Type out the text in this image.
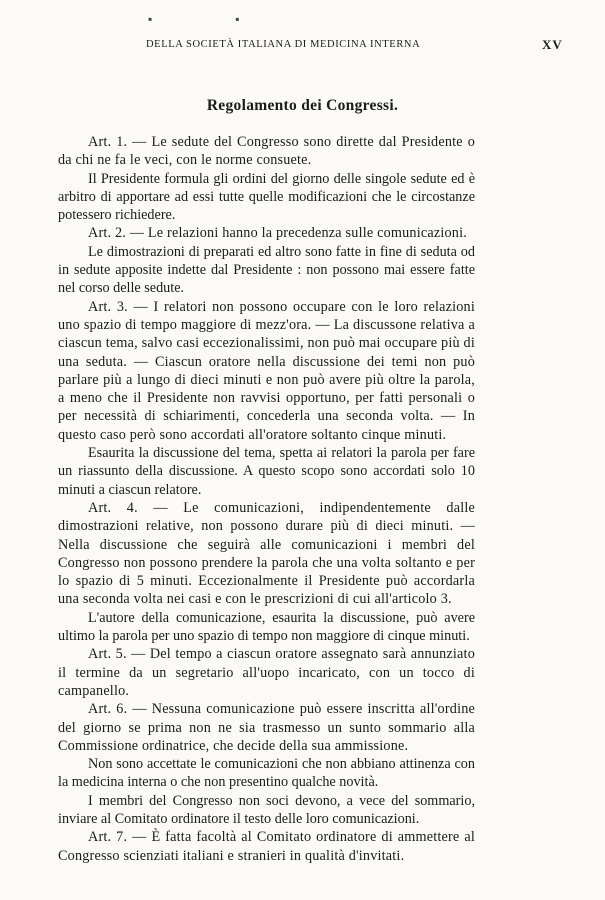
▪ ▪
DELLA SOCIETÀ ITALIANA DI MEDICINA INTERNA	XV
Regolamento dei Congressi.

Art. 1. — Le sedute del Congresso sono dirette dal Presidente o da chi ne fa le veci, con le norme consuete.

Il Presidente formula gli ordini del giorno delle singole sedute ed è arbitro di apportare ad essi tutte quelle modificazioni che le circostanze potessero richiedere.

Art. 2. — Le relazioni hanno la precedenza sulle comunicazioni.

Le dimostrazioni di preparati ed altro sono fatte in fine di seduta od in sedute apposite indette dal Presidente : non possono mai essere fatte nel corso delle sedute.

Art. 3. — I relatori non possono occupare con le loro relazioni uno spazio di tempo maggiore di mezz'ora. — La discussone relativa a ciascun tema, salvo casi eccezionalissimi, non può mai occupare più di una seduta. — Ciascun oratore nella discussione dei temi non può parlare più a lungo di dieci minuti e non può avere più oltre la parola, a meno che il Presidente non ravvisi opportuno, per fatti personali o per necessità di schiarimenti, concederla una seconda volta. — In questo caso però sono accordati all'oratore soltanto cinque minuti.

Esaurita la discussione del tema, spetta ai relatori la parola per fare un riassunto della discussione. A questo scopo sono accordati solo 10 minuti a ciascun relatore.

Art. 4. — Le comunicazioni, indipendentemente dalle dimostrazioni relative, non possono durare più di dieci minuti. — Nella discussione che seguirà alle comunicazioni i membri del Congresso non possono prendere la parola che una volta soltanto e per lo spazio di 5 minuti. Eccezionalmente il Presidente può accordarla una seconda volta nei casi e con le prescrizioni di cui all'articolo 3.

L'autore della comunicazione, esaurita la discussione, può avere ultimo la parola per uno spazio di tempo non maggiore di cinque minuti.

Art. 5. — Del tempo a ciascun oratore assegnato sarà annunziato il termine da un segretario all'uopo incaricato, con un tocco di campanello.

Art. 6. — Nessuna comunicazione può essere inscritta all'ordine del giorno se prima non ne sia trasmesso un sunto sommario alla Commissione ordinatrice, che decide della sua ammissione.

Non sono accettate le comunicazioni che non abbiano attinenza con la medicina interna o che non presentino qualche novità.

I membri del Congresso non soci devono, a vece del sommario, inviare al Comitato ordinatore il testo delle loro comunicazioni.

Art. 7. — È fatta facoltà al Comitato ordinatore di ammettere al Congresso scienziati italiani e stranieri in qualità d'invitati.
